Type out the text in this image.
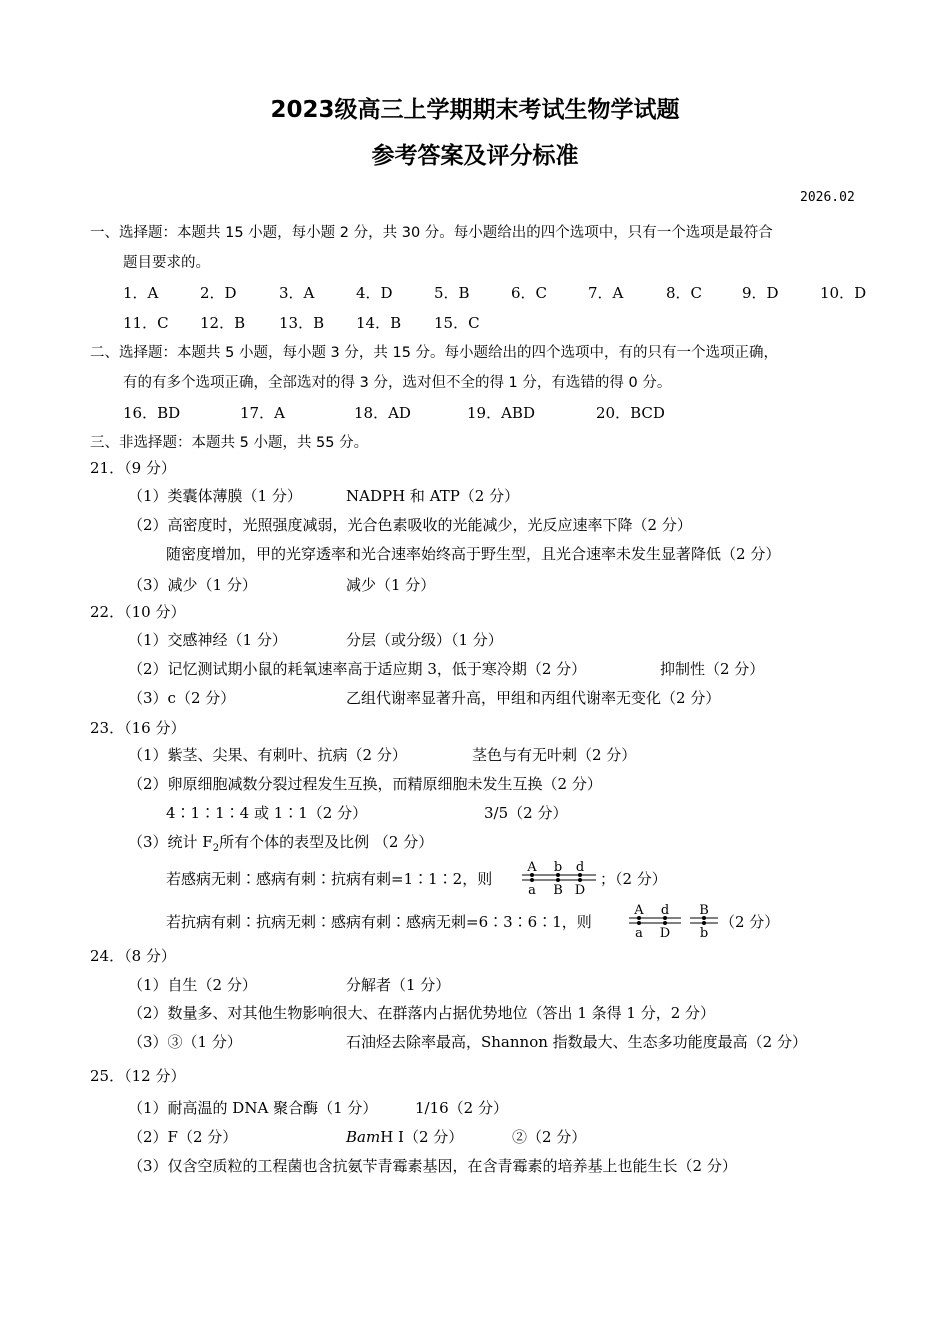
2023级高三上学期期末考试生物学试题
参考答案及评分标准
2026.02
一、选择题：本题共 15 小题，每小题 2 分，共 30 分。每小题给出的四个选项中，只有一个选项是最符合
题目要求的。
1．A	2．D	3．A	4．D	5．B	6．C	7．A	8．C	9．D	10．D
11．C 12．B 13．B 14．B 15．C
二、选择题：本题共 5 小题，每小题 3 分，共 15 分。每小题给出的四个选项中，有的只有一个选项正确，
有的有多个选项正确，全部选对的得 3 分，选对但不全的得 1 分，有选错的得 0 分。
16．BD	17．A	18．AD	19．ABD	20．BCD
三、非选择题：本题共 5 小题，共 55 分。
21．（9 分）
（1）类囊体薄膜（1 分）	NADPH 和 ATP（2 分）
（2）高密度时，光照强度减弱，光合色素吸收的光能减少，光反应速率下降（2 分）
随密度增加，甲的光穿透率和光合速率始终高于野生型，且光合速率未发生显著降低（2 分）
（3）减少（1 分）	减少（1 分）
22．（10 分）
（1）交感神经（1 分）	分层（或分级）（1 分）
（2）记忆测试期小鼠的耗氧速率高于适应期 3，低于寒冷期（2 分）	抑制性（2 分）
（3）c（2 分）	乙组代谢率显著升高，甲组和丙组代谢率无变化（2 分）
23．（16 分）
（1）紫茎、尖果、有刺叶、抗病（2 分）	茎色与有无叶刺（2 分）
（2）卵原细胞减数分裂过程发生互换，而精原细胞未发生互换（2 分）
4∶1∶1∶4 或 1∶1（2 分）	3/5（2 分）
（3）统计 $F_2$所有个体的表型及比例 （2 分）
若感病无刺∶感病有刺∶抗病有刺=1∶1∶2，则
A b d
a B D
；（2 分）
若抗病有刺∶抗病无刺∶感病有刺∶感病无刺=6∶3∶6∶1，则
A d
a D
B
b
（2 分）
24．（8 分）
（1）自生（2 分）	分解者（1 分）
（2）数量多、对其他生物影响很大、在群落内占据优势地位（答出 1 条得 1 分，2 分）
（3）③（1 分）	石油烃去除率最高，Shannon 指数最大、生态多功能度最高（2 分）
25．（12 分）
（1）耐高温的 DNA 聚合酶（1 分）	1/16（2 分）
（2）F（2 分）	BamH I（2 分）	②（2 分）
（3）仅含空质粒的工程菌也含抗氨苄青霉素基因，在含青霉素的培养基上也能生长（2 分）
